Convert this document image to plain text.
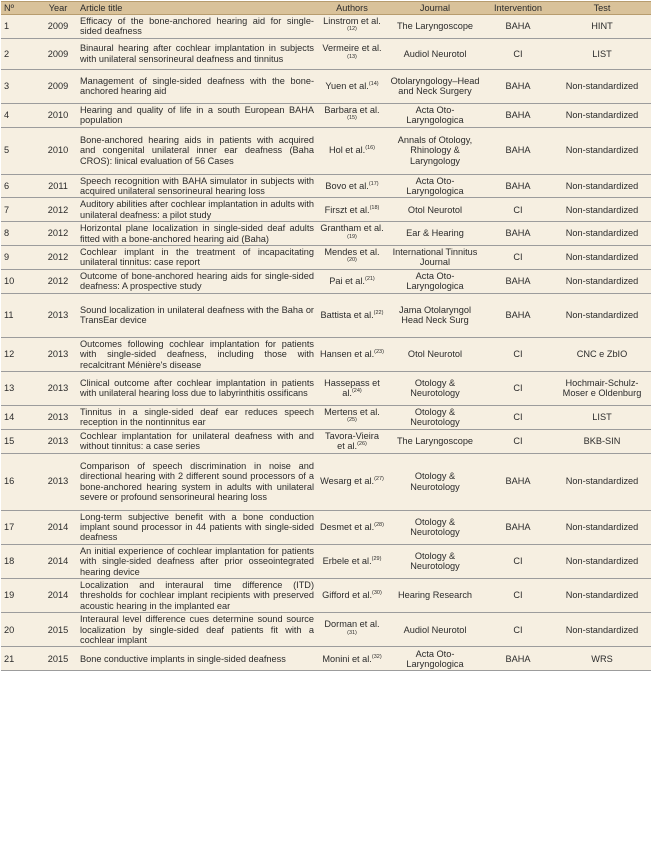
Nº	Year	Article title	Authors	Journal	Intervention	Test
1	2009	Efficacy of the bone-anchored hearing aid for single-sided deafness	Linstrom et al.$^{(12)}$	The Laryngoscope	BAHA	HINT
2	2009	Binaural hearing after cochlear implantation in subjects with unilateral sensorineural deafness and tinnitus	Vermeire et al.$^{(13)}$	Audiol Neurotol	CI	LIST
3	2009	Management of single-sided deafness with the bone-anchored hearing aid	Yuen et al.$^{(14)}$	Otolaryngology–Head and Neck Surgery	BAHA	Non-standardized
4	2010	Hearing and quality of life in a south European BAHA population	Barbara et al.$^{(15)}$	Acta Oto-Laryngologica	BAHA	Non-standardized
5	2010	Bone-anchored hearing aids in patients with acquired and congenital unilateral inner ear deafness (Baha CROS): linical evaluation of 56 Cases	Hol et al.$^{(16)}$	Annals of Otology, Rhinology & Laryngology	BAHA	Non-standardized
6	2011	Speech recognition with BAHA simulator in subjects with acquired unilateral sensorineural hearing loss	Bovo et al.$^{(17)}$	Acta Oto-Laryngologica	BAHA	Non-standardized
7	2012	Auditory abilities after cochlear implantation in adults with unilateral deafness: a pilot study	Firszt et al.$^{(18)}$	Otol Neurotol	CI	Non-standardized
8	2012	Horizontal plane localization in single-sided deaf adults fitted with a bone-anchored hearing aid (Baha)	Grantham et al.$^{(19)}$	Ear & Hearing	BAHA	Non-standardized
9	2012	Cochlear implant in the treatment of incapacitating unilateral tinnitus: case report	Mendes et al.$^{(20)}$	International Tinnitus Journal	CI	Non-standardized
10	2012	Outcome of bone-anchored hearing aids for single-sided deafness: A prospective study	Pai et al.$^{(21)}$	Acta Oto-Laryngologica	BAHA	Non-standardized
11	2013	Sound localization in unilateral deafness with the Baha or TransEar device	Battista et al.$^{(22)}$	Jama Otolaryngol Head Neck Surg	BAHA	Non-standardized
12	2013	Outcomes following cochlear implantation for patients with single-sided deafness, including those with recalcitrant Ménière's disease	Hansen et al.$^{(23)}$	Otol Neurotol	CI	CNC e ZbIO
13	2013	Clinical outcome after cochlear implantation in patients with unilateral hearing loss due to labyrinthitis ossificans	Hassepass et al.$^{(24)}$	Otology & Neurotology	CI	Hochmair-Schulz-Moser e Oldenburg
14	2013	Tinnitus in a single-sided deaf ear reduces speech reception in the nontinnitus ear	Mertens et al.$^{(25)}$	Otology & Neurotology	CI	LIST
15	2013	Cochlear implantation for unilateral deafness with and without tinnitus: a case series	Tavora-Vieira et al.$^{(26)}$	The Laryngoscope	CI	BKB-SIN
16	2013	Comparison of speech discrimination in noise and directional hearing with 2 different sound processors of a bone-anchored hearing system in adults with unilateral severe or profound sensorineural hearing loss	Wesarg et al.$^{(27)}$	Otology & Neurotology	BAHA	Non-standardized
17	2014	Long-term subjective benefit with a bone conduction implant sound processor in 44 patients with single-sided deafness	Desmet et al.$^{(28)}$	Otology & Neurotology	BAHA	Non-standardized
18	2014	An initial experience of cochlear implantation for patients with single-sided deafness after prior osseointegrated hearing device	Erbele et al.$^{(29)}$	Otology & Neurotology	CI	Non-standardized
19	2014	Localization and interaural time difference (ITD) thresholds for cochlear implant recipients with preserved acoustic hearing in the implanted ear	Gifford et al.$^{(30)}$	Hearing Research	CI	Non-standardized
20	2015	Interaural level difference cues determine sound source localization by single-sided deaf patients fit with a cochlear implant	Dorman et al.$^{(31)}$	Audiol Neurotol	CI	Non-standardized
21	2015	Bone conductive implants in single-sided deafness	Monini et al.$^{(32)}$	Acta Oto-Laryngologica	BAHA	WRS
